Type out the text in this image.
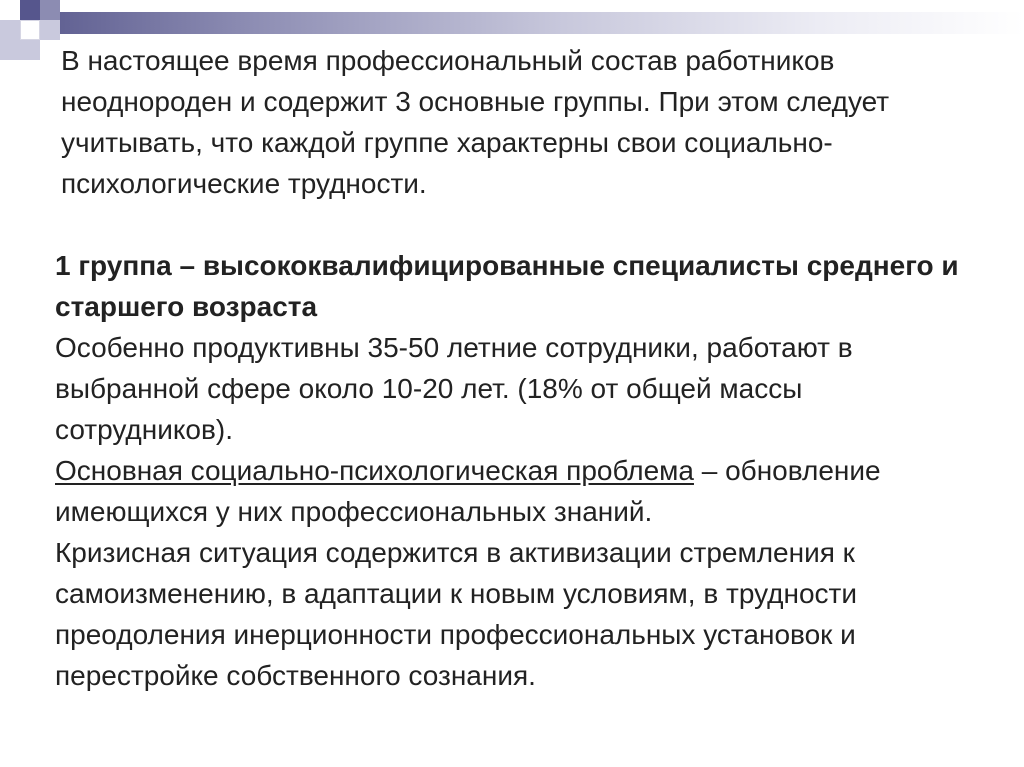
В настоящее время профессиональный состав работников неоднороден и содержит 3 основные группы. При этом следует учитывать, что каждой группе характерны свои социально-психологические трудности.

1 группа – высококвалифицированные специалисты среднего и старшего возраста

Особенно продуктивны 35-50 летние сотрудники, работают в выбранной сфере около 10-20 лет. (18% от общей массы сотрудников).

Основная социально-психологическая проблема – обновление имеющихся у них профессиональных знаний.

Кризисная ситуация содержится в активизации стремления к самоизменению, в адаптации к новым условиям, в трудности преодоления инерционности профессиональных установок и перестройке собственного сознания.
